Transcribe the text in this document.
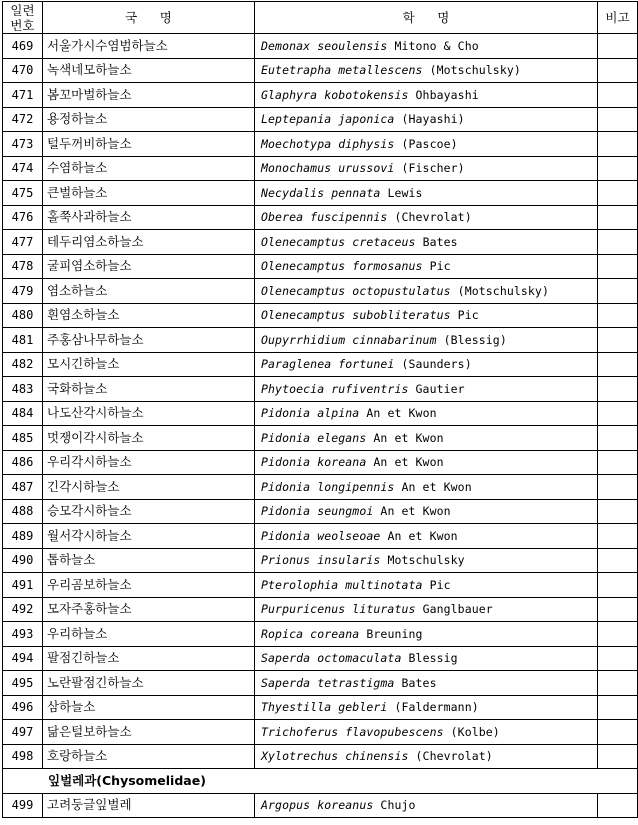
일련
번호	국   명	학   명	비고
469	서울가시수염범하늘소	Demonax seoulensis Mitono & Cho	
470	녹색네모하늘소	Eutetrapha metallescens (Motschulsky)	
471	봄꼬마벌하늘소	Glaphyra kobotokensis Ohbayashi	
472	용정하늘소	Leptepania japonica (Hayashi)	
473	털두꺼비하늘소	Moechotypa diphysis (Pascoe)	
474	수염하늘소	Monochamus urussovi (Fischer)	
475	큰벌하늘소	Necydalis pennata Lewis	
476	홀쭉사과하늘소	Oberea fuscipennis (Chevrolat)	
477	테두리염소하늘소	Olenecamptus cretaceus Bates	
478	굴피염소하늘소	Olenecamptus formosanus Pic	
479	염소하늘소	Olenecamptus octopustulatus (Motschulsky)	
480	흰염소하늘소	Olenecamptus subobliteratus Pic	
481	주홍삼나무하늘소	Oupyrrhidium cinnabarinum (Blessig)	
482	모시긴하늘소	Paraglenea fortunei (Saunders)	
483	국화하늘소	Phytoecia rufiventris Gautier	
484	나도산각시하늘소	Pidonia alpina An et Kwon	
485	멋쟁이각시하늘소	Pidonia elegans An et Kwon	
486	우리각시하늘소	Pidonia koreana An et Kwon	
487	긴각시하늘소	Pidonia longipennis An et Kwon	
488	승모각시하늘소	Pidonia seungmoi An et Kwon	
489	월서각시하늘소	Pidonia weolseoae An et Kwon	
490	톱하늘소	Prionus insularis Motschulsky	
491	우리곰보하늘소	Pterolophia multinotata Pic	
492	모자주홍하늘소	Purpuricenus lituratus Ganglbauer	
493	우리하늘소	Ropica coreana Breuning	
494	팔점긴하늘소	Saperda octomaculata Blessig	
495	노란팔점긴하늘소	Saperda tetrastigma Bates	
496	삼하늘소	Thyestilla gebleri (Faldermann)	
497	닮은털보하늘소	Trichoferus flavopubescens (Kolbe)	
498	호랑하늘소	Xylotrechus chinensis (Chevrolat)	
잎벌레과(Chysomelidae)			
499	고려둥글잎벌레	Argopus koreanus Chujo	
